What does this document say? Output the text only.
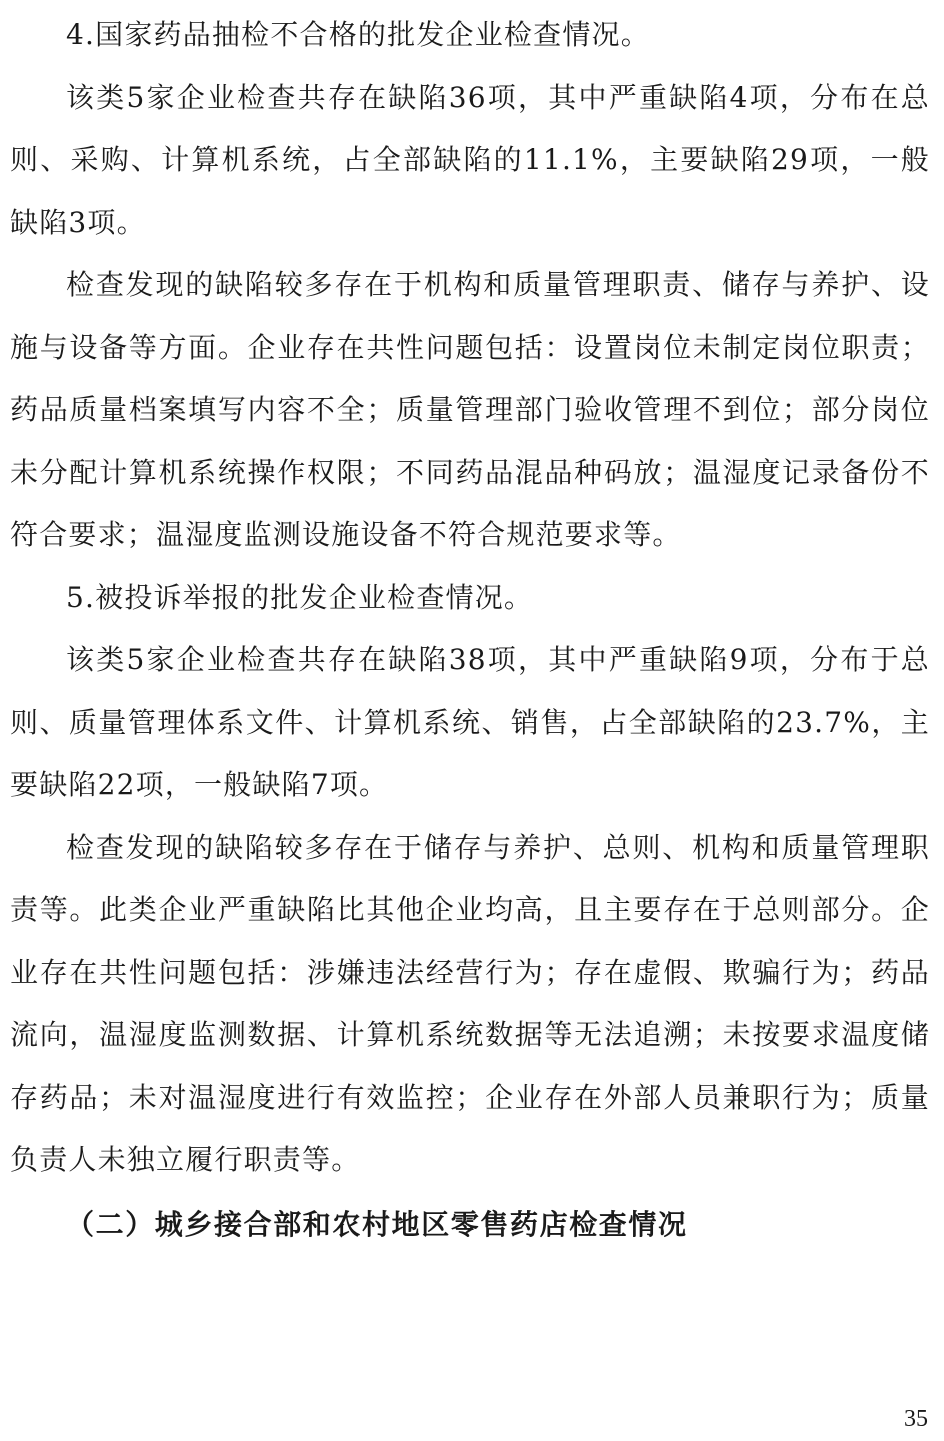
4.国家药品抽检不合格的批发企业检查情况。

该类5家企业检查共存在缺陷36项，其中严重缺陷4项，分布在总则、采购、计算机系统，占全部缺陷的11.1%，主要缺陷29项，一般缺陷3项。

检查发现的缺陷较多存在于机构和质量管理职责、储存与养护、设施与设备等方面。企业存在共性问题包括：设置岗位未制定岗位职责；药品质量档案填写内容不全；质量管理部门验收管理不到位；部分岗位未分配计算机系统操作权限；不同药品混品种码放；温湿度记录备份不符合要求；温湿度监测设施设备不符合规范要求等。

5.被投诉举报的批发企业检查情况。

该类5家企业检查共存在缺陷38项，其中严重缺陷9项，分布于总则、质量管理体系文件、计算机系统、销售，占全部缺陷的23.7%，主要缺陷22项，一般缺陷7项。

检查发现的缺陷较多存在于储存与养护、总则、机构和质量管理职责等。此类企业严重缺陷比其他企业均高，且主要存在于总则部分。企业存在共性问题包括：涉嫌违法经营行为；存在虚假、欺骗行为；药品流向，温湿度监测数据、计算机系统数据等无法追溯；未按要求温度储存药品；未对温湿度进行有效监控；企业存在外部人员兼职行为；质量负责人未独立履行职责等。

（二）城乡接合部和农村地区零售药店检查情况

35
